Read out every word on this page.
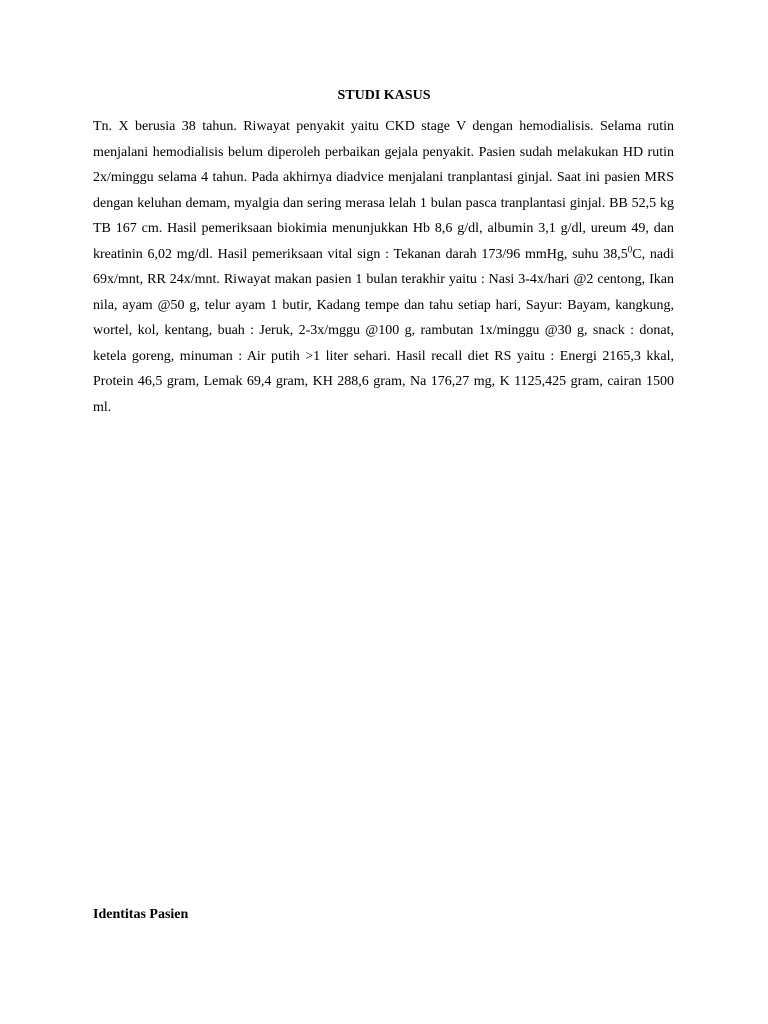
STUDI KASUS

Tn. X berusia 38 tahun. Riwayat penyakit yaitu CKD stage V dengan hemodialisis. Selama rutin menjalani hemodialisis belum diperoleh perbaikan gejala penyakit. Pasien sudah melakukan HD rutin 2x/minggu selama 4 tahun. Pada akhirnya diadvice menjalani tranplantasi ginjal. Saat ini pasien MRS dengan keluhan demam, myalgia dan sering merasa lelah 1 bulan pasca tranplantasi ginjal. BB 52,5 kg TB 167 cm. Hasil pemeriksaan biokimia menunjukkan Hb 8,6 g/dl, albumin 3,1 g/dl, ureum 49, dan kreatinin 6,02 mg/dl. Hasil pemeriksaan vital sign : Tekanan darah 173/96 mmHg, suhu 38,5$^0$C, nadi 69x/mnt, RR 24x/mnt. Riwayat makan pasien 1 bulan terakhir yaitu : Nasi 3-4x/hari @2 centong, Ikan nila, ayam @50 g, telur ayam 1 butir, Kadang tempe dan tahu setiap hari, Sayur: Bayam, kangkung, wortel, kol, kentang, buah : Jeruk, 2-3x/mggu @100 g, rambutan 1x/minggu @30 g, snack : donat, ketela goreng, minuman : Air putih >1 liter sehari. Hasil recall diet RS yaitu : Energi 2165,3 kkal, Protein 46,5 gram, Lemak 69,4 gram, KH 288,6 gram, Na 176,27 mg, K 1125,425 gram, cairan 1500 ml.

Identitas Pasien
